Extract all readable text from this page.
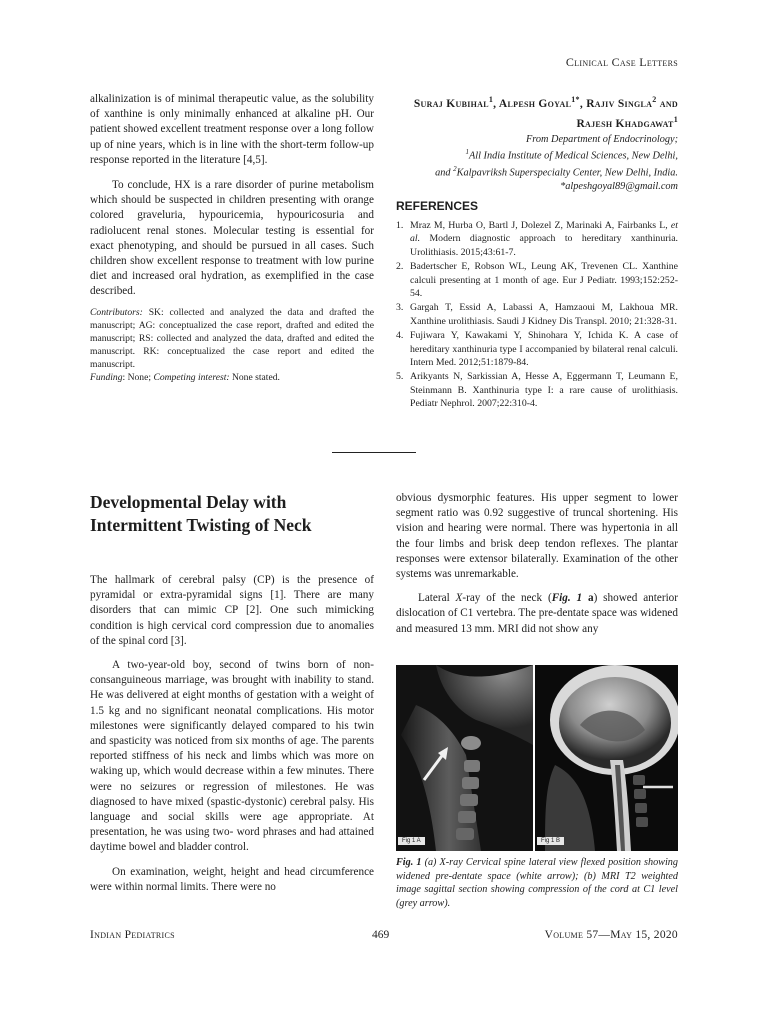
Clinical Case Letters

alkalinization is of minimal therapeutic value, as the solubility of xanthine is only minimally enhanced at alkaline pH. Our patient showed excellent treatment response over a long follow up of nine years, which is in line with the short-term follow-up response reported in the literature [4,5].

To conclude, HX is a rare disorder of purine metabolism which should be suspected in children presenting with orange colored graveluria, hypouricemia, hypouricosuria and radiolucent renal stones. Molecular testing is essential for exact phenotyping, and should be pursued in all cases. Such children show excellent response to treatment with low purine diet and increased oral hydration, as exemplified in the case described.

Contributors: SK: collected and analyzed the data and drafted the manuscript; AG: conceptualized the case report, drafted and edited the manuscript; RS: collected and analyzed the data, drafted and edited the manuscript. RK: conceptualized the case report and edited the manuscript.

Funding: None; Competing interest: None stated.

Suraj Kubihal$^1$, Alpesh Goyal$^{1*}$, Rajiv Singla$^2$ and
Rajesh Khadgawat$^1$
From Department of Endocrinology;
$^1$All India Institute of Medical Sciences, New Delhi,
and $^2$Kalpavriksh Superspecialty Center, New Delhi, India.
*alpeshgoyal89@gmail.com
REFERENCES
1. Mraz M, Hurba O, Bartl J, Dolezel Z, Marinaki A, Fairbanks L, et al. Modern diagnostic approach to hereditary xanthinuria. Urolithiasis. 2015;43:61-7.
2. Badertscher E, Robson WL, Leung AK, Trevenen CL. Xanthine calculi presenting at 1 month of age. Eur J Pediatr. 1993;152:252-54.
3. Gargah T, Essid A, Labassi A, Hamzaoui M, Lakhoua MR. Xanthine urolithiasis. Saudi J Kidney Dis Transpl. 2010; 21:328-31.
4. Fujiwara Y, Kawakami Y, Shinohara Y, Ichida K. A case of hereditary xanthinuria type I accompanied by bilateral renal calculi. Intern Med. 2012;51:1879-84.
5. Arikyants N, Sarkissian A, Hesse A, Eggermann T, Leumann E, Steinmann B. Xanthinuria type I: a rare cause of urolithiasis. Pediatr Nephrol. 2007;22:310-4.
Developmental Delay with
Intermittent Twisting of Neck

The hallmark of cerebral palsy (CP) is the presence of pyramidal or extra-pyramidal signs [1]. There are many disorders that can mimic CP [2]. One such mimicking condition is high cervical cord compression due to anomalies of the spinal cord [3].

A two-year-old boy, second of twins born of non-consanguineous marriage, was brought with inability to stand. He was delivered at eight months of gestation with a weight of 1.5 kg and no significant neonatal complications. His motor milestones were significantly delayed compared to his twin and spasticity was noticed from six months of age. The parents reported stiffness of his neck and limbs which was more on waking up, which would decrease within a few minutes. There were no seizures or regression of milestones. He was diagnosed to have mixed (spastic-dystonic) cerebral palsy. His language and social skills were age appropriate. At presentation, he was using two- word phrases and had attained daytime bowel and bladder control.

On examination, weight, height and head circumference were within normal limits. There were no

obvious dysmorphic features. His upper segment to lower segment ratio was 0.92 suggestive of truncal shortening. His vision and hearing were normal. There was hypertonia in all the four limbs and brisk deep tendon reflexes. The plantar responses were extensor bilaterally. Examination of the other systems was unremarkable.

Lateral X-ray of the neck (Fig. 1 a) showed anterior dislocation of C1 vertebra. The pre-dentate space was widened and measured 13 mm. MRI did not show any

Fig 1 A	Fig 1 B

Fig. 1 (a) X-ray Cervical spine lateral view flexed position showing widened pre-dentate space (white arrow); (b) MRI T2 weighted image sagittal section showing compression of the cord at C1 level (grey arrow).

Indian Pediatrics	469	Volume 57—May 15, 2020
